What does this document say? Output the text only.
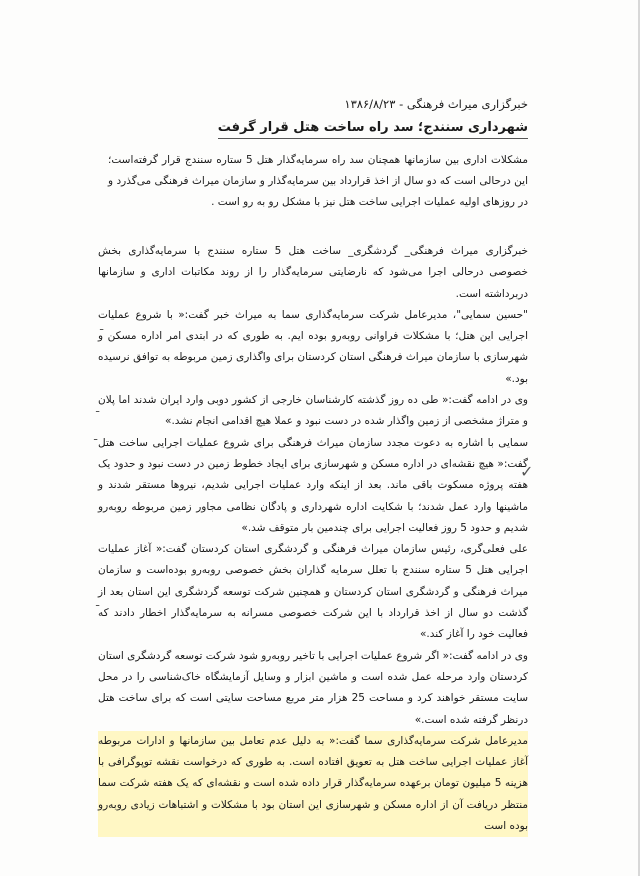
خبرگزاری میراث فرهنگی - ۱۳۸۶/۸/۲۳
شهرداری سنندج؛ سد راه ساخت هتل قرار گرفت
مشکلات اداری بین سازمانها همچنان سد راه سرمایه‌گذار هتل 5 ستاره سنندج قرار گرفته‌است؛ این درحالی است که دو سال از اخذ قرارداد بین سرمایه‌گذار و سازمان میراث فرهنگی می‌گذرد و در روزهای اولیه عملیات اجرایی ساخت هتل نیز با مشکل رو به رو است .

خبرگزاری میراث فرهنگی_ گردشگری_ ساخت هتل 5 ستاره سنندج با سرمایه‌گذاری بخش خصوصی درحالی اجرا می‌شود که نارضایتی سرمایه‌گذار را از روند مکاتبات اداری و سازمانها دربرداشته است.

"حسین سمایی"، مدیرعامل شرکت سرمایه‌گذاری سما به میراث خبر گفت:« با شروع عملیات اجرایی این هتل؛ با مشکلات فراوانی روبه‌رو بوده ایم. به طوری که در ابتدی امر اداره مسکن و شهرسازی با سازمان میراث فرهنگی استان کردستان برای واگذاری زمین مربوطه به توافق نرسیده بود.»

وی در ادامه گفت:« طی ده روز گذشته کارشناسان خارجی از کشور دوبی وارد ایران شدند اما پلان و متراژ مشخصی از زمین واگذار شده در دست نبود و عملا هیچ اقدامی انجام نشد.»

سمایی با اشاره به دعوت مجدد سازمان میراث فرهنگی برای شروع عملیات اجرایی ساخت هتل گفت:« هیچ نقشه‌ای در اداره مسکن و شهرسازی برای ایجاد خطوط زمین در دست نبود و حدود یک هفته پروژه مسکوت باقی ماند. بعد از اینکه وارد عملیات اجرایی شدیم، نیروها مستقر شدند و ماشینها وارد عمل شدند؛ با شکایت اداره شهرداری و پادگان نظامی مجاور زمین مربوطه روبه‌رو شدیم و حدود 5 روز فعالیت اجرایی برای چندمین بار متوقف شد.»

علی فعلی‌گری، رئیس سازمان میراث فرهنگی و گردشگری استان کردستان گفت:« آغاز عملیات اجرایی هتل 5 ستاره سنندج با تعلل سرمایه گذاران بخش خصوصی روبه‌رو بوده‌است و سازمان میراث فرهنگی و گردشگری استان کردستان و همچنین شرکت توسعه گردشگری این استان بعد از گذشت دو سال از اخذ قرارداد با این شرکت خصوصی مسرانه به سرمایه‌گذار اخطار دادند که فعالیت خود را آغاز کند.»

وی در ادامه گفت:« اگر شروع عملیات اجرایی با تاخیر روبه‌رو شود شرکت توسعه گردشگری استان کردستان وارد مرحله عمل شده است و ماشین ابزار و وسایل آزمایشگاه خاک‌شناسی را در محل سایت مستقر خواهند کرد و مساحت 25 هزار متر مربع مساحت سایتی است که برای ساخت هتل درنظر گرفته شده است.»

مدیرعامل شرکت سرمایه‌گذاری سما گفت:« به دلیل عدم تعامل بین سازمانها و ادارات مربوطه آغاز عملیات اجرایی ساخت هتل به تعویق افتاده است. به طوری که درخواست نقشه توپوگرافی با هزینه 5 میلیون تومان برعهده سرمایه‌گذار قرار داده شده است و نقشه‌ای که یک هفته شرکت سما منتظر دریافت آن از اداره مسکن و شهرسازی این استان بود با مشکلات و اشتباهات زیادی روبه‌رو بوده است

ـ
ـ
ـ
✓
ـ
